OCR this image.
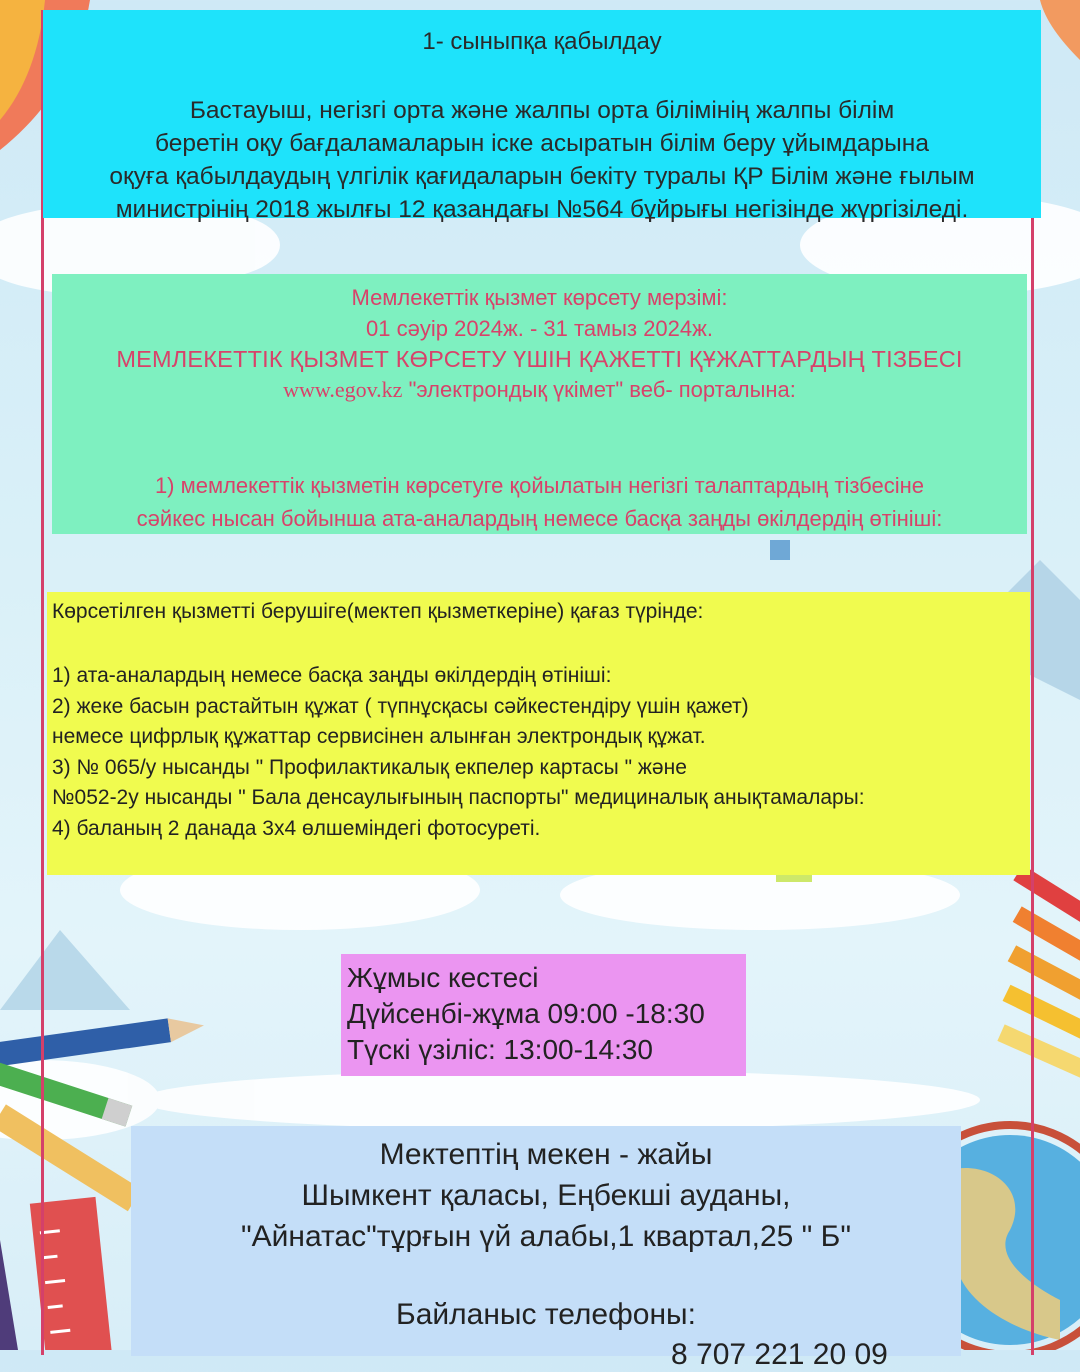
1- сыныпқа қабылдау
Бастауыш, негізгі орта және жалпы орта білімінің жалпы білім
беретін оқу бағдаламаларын іске асыратын білім беру ұйымдарына
оқуға қабылдаудың үлгілік қағидаларын бекіту туралы ҚР Білім және ғылым
министрінің 2018 жылғы 12 қазандағы №564 бұйрығы негізінде жүргізіледі.
Мемлекеттік қызмет көрсету мерзімі:
01 сәуір 2024ж. - 31 тамыз 2024ж.
МЕМЛЕКЕТТІК ҚЫЗМЕТ КӨРСЕТУ ҮШІН ҚАЖЕТТІ ҚҰЖАТТАРДЫҢ ТІЗБЕСІ
www.egov.kz "электрондық үкімет" веб- порталына:
1) мемлекеттік қызметін көрсетуге қойылатын негізгі талаптардың тізбесіне
сәйкес нысан бойынша ата-аналардың немесе басқа заңды өкілдердің өтініші:
Көрсетілген қызметті берушіге(мектеп қызметкеріне) қағаз түрінде:
1) ата-аналардың немесе басқа заңды өкілдердің өтініші:
2) жеке басын растайтын құжат ( түпнұсқасы сәйкестендіру үшін қажет)
немесе цифрлық құжаттар сервисінен алынған электрондық құжат.
3) № 065/у нысанды " Профилактикалық екпелер картасы " және
№052-2у нысанды " Бала денсаулығының паспорты" медициналық анықтамалары:
4) баланың 2 данада 3х4 өлшеміндегі фотосуреті.
Жұмыс кестесі
Дүйсенбі-жұма 09:00 -18:30
Түскі үзіліс: 13:00-14:30
Мектептің мекен - жайы
Шымкент қаласы, Еңбекші ауданы,
"Айнатас"тұрғын үй алабы,1 квартал,25 " Б"
Байланыс телефоны:
8 707 221 20 09
